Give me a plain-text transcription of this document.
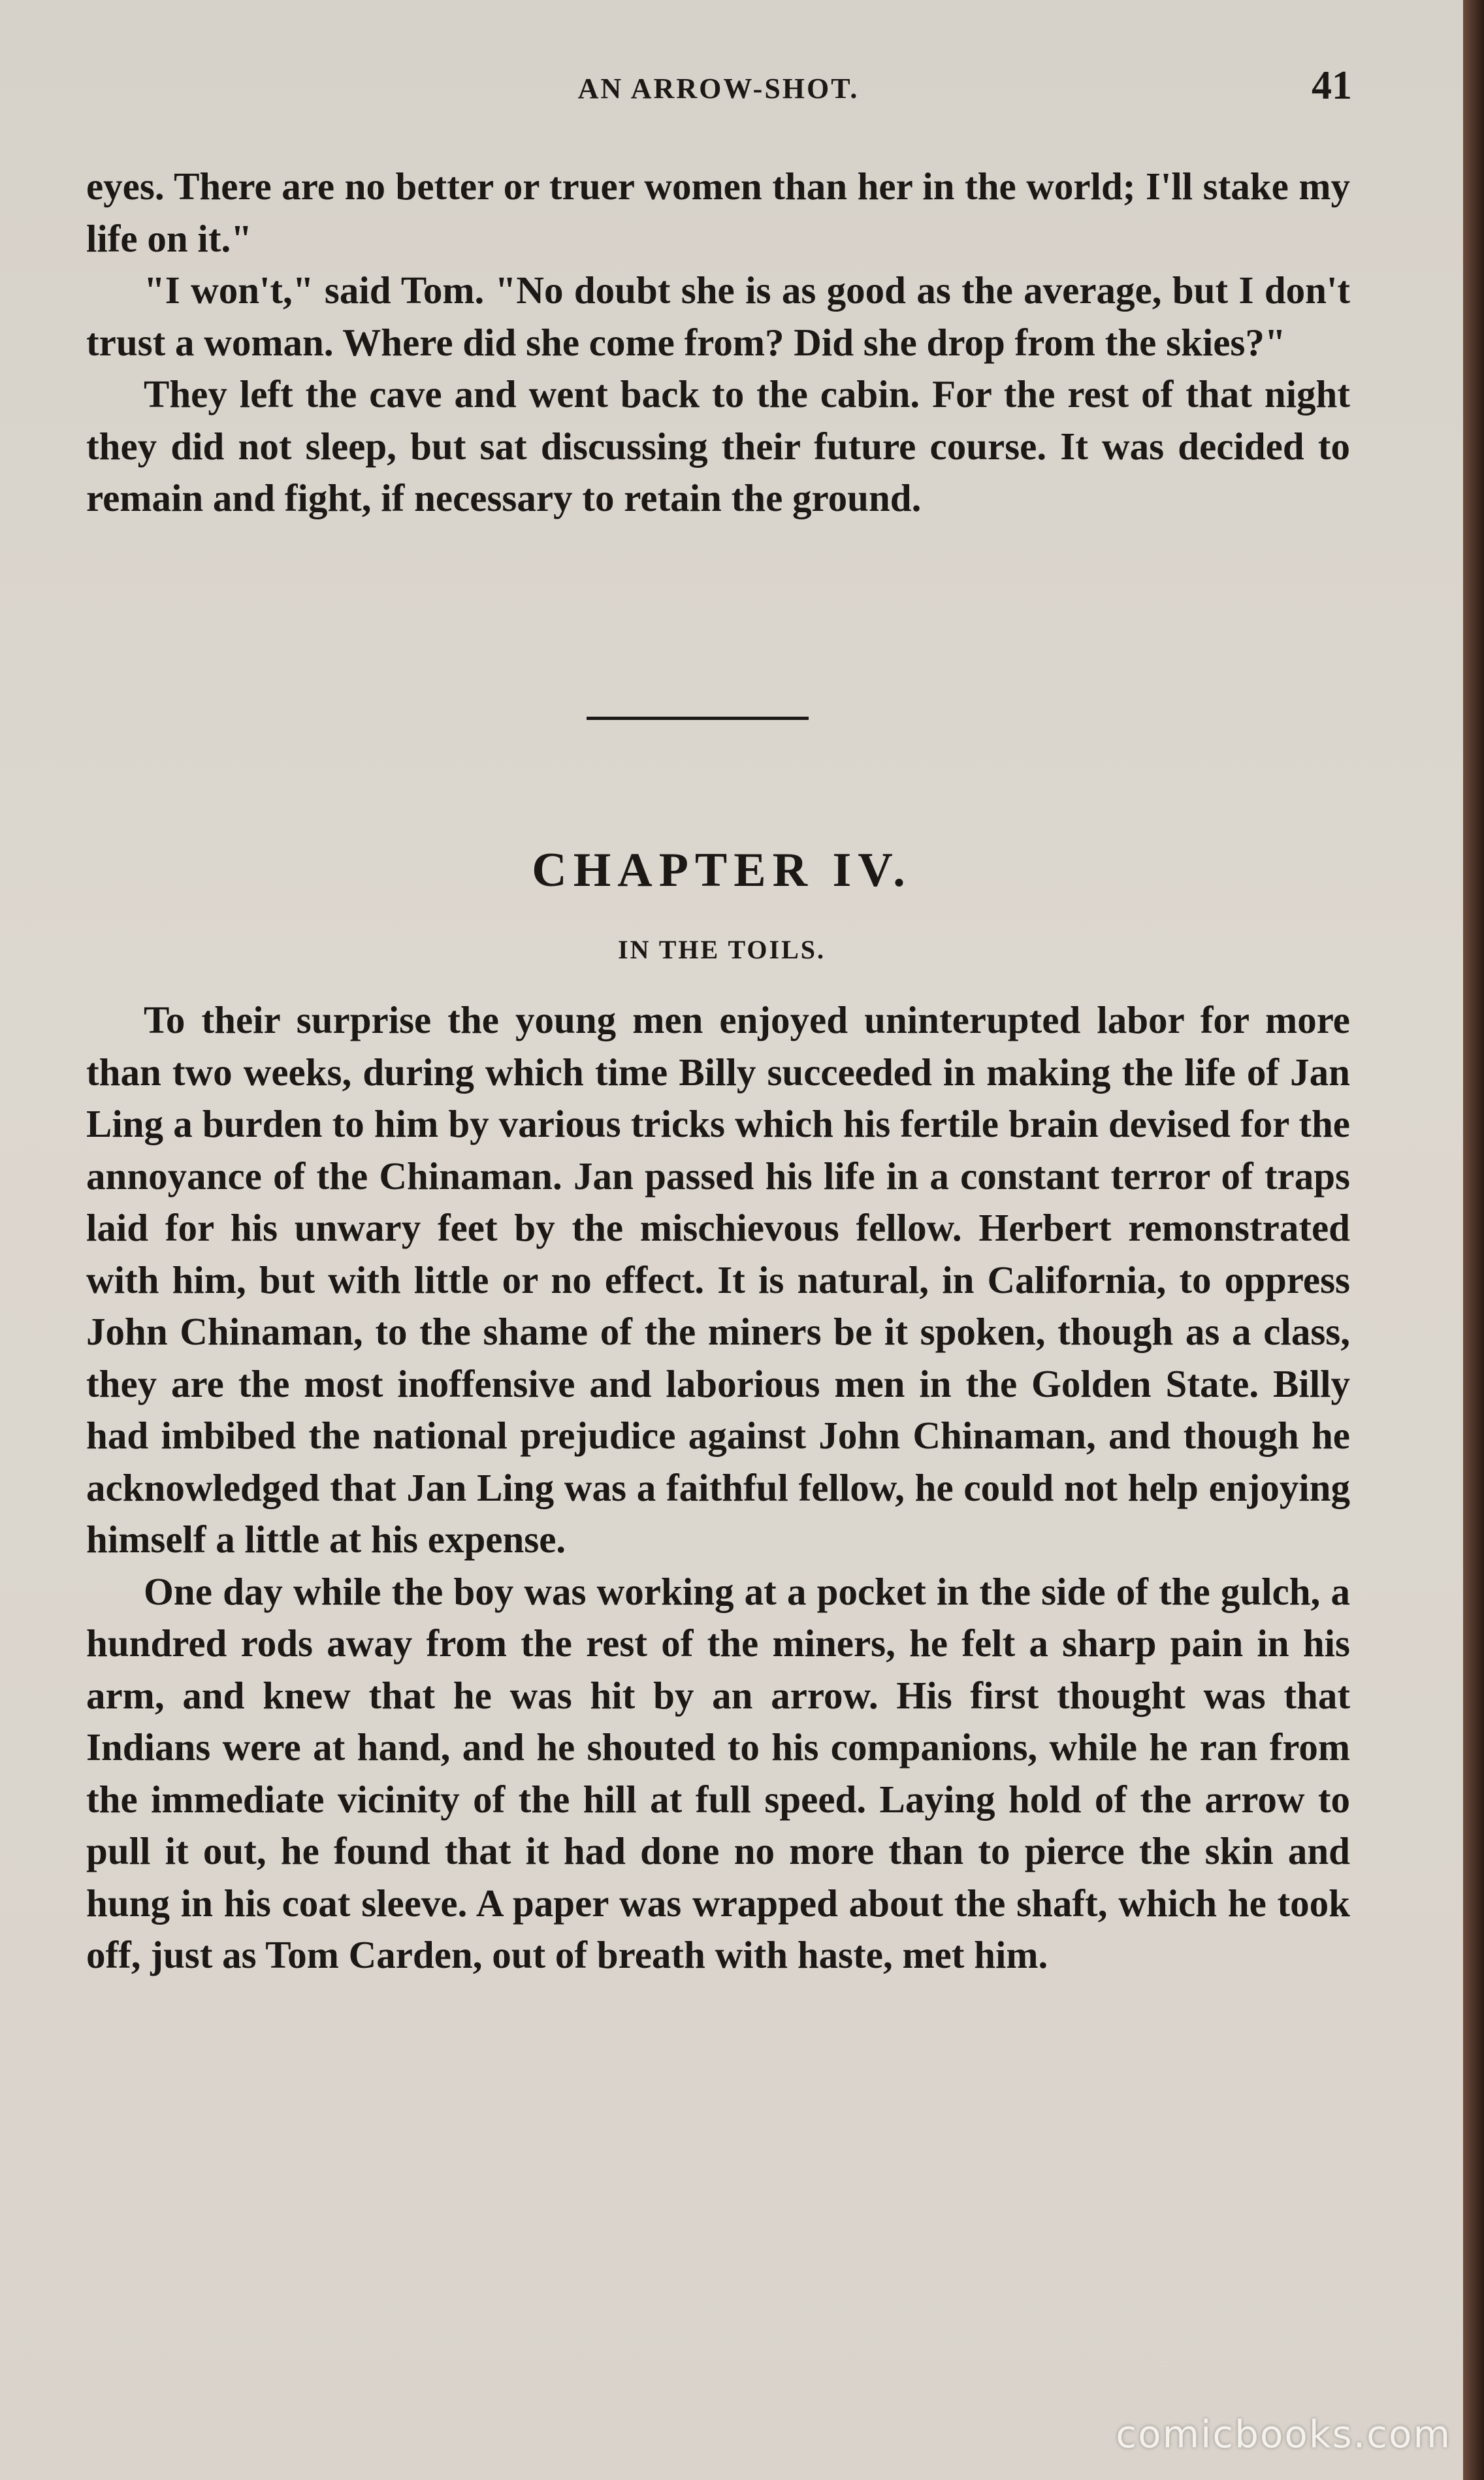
AN ARROW-SHOT.	41

eyes. There are no better or truer women than her in the world; I'll stake my life on it."

"I won't," said Tom. "No doubt she is as good as the average, but I don't trust a woman. Where did she come from? Did she drop from the skies?"

They left the cave and went back to the cabin. For the rest of that night they did not sleep, but sat discussing their future course. It was decided to remain and fight, if necessary to retain the ground.

CHAPTER IV.
IN THE TOILS.

To their surprise the young men enjoyed uninterupted labor for more than two weeks, during which time Billy succeeded in making the life of Jan Ling a burden to him by various tricks which his fertile brain devised for the annoyance of the Chinaman. Jan passed his life in a constant terror of traps laid for his unwary feet by the mischievous fellow. Herbert remonstrated with him, but with little or no effect. It is natural, in California, to oppress John Chinaman, to the shame of the miners be it spoken, though as a class, they are the most inoffensive and laborious men in the Golden State. Billy had imbibed the national prejudice against John Chinaman, and though he acknowledged that Jan Ling was a faithful fellow, he could not help enjoying himself a little at his expense.

One day while the boy was working at a pocket in the side of the gulch, a hundred rods away from the rest of the miners, he felt a sharp pain in his arm, and knew that he was hit by an arrow. His first thought was that Indians were at hand, and he shouted to his companions, while he ran from the immediate vicinity of the hill at full speed. Laying hold of the arrow to pull it out, he found that it had done no more than to pierce the skin and hung in his coat sleeve. A paper was wrapped about the shaft, which he took off, just as Tom Carden, out of breath with haste, met him.

comicbooks.com
